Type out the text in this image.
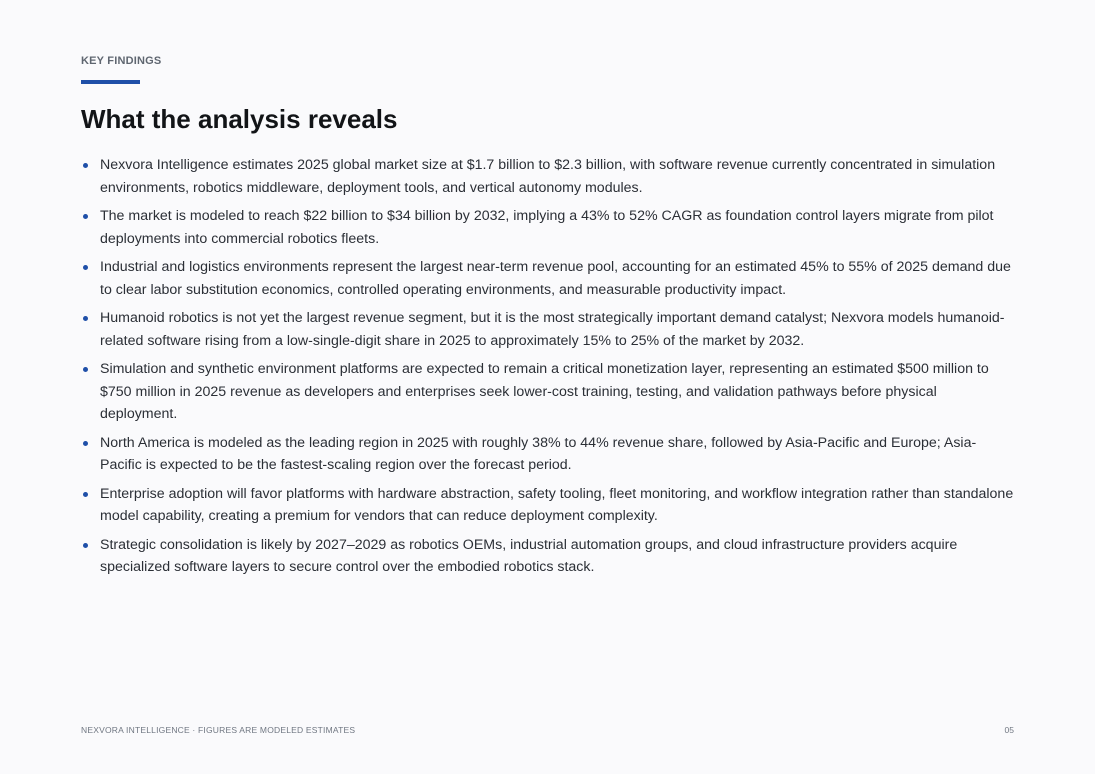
KEY FINDINGS
What the analysis reveals
Nexvora Intelligence estimates 2025 global market size at $1.7 billion to $2.3 billion, with software revenue currently concentrated in simulation environments, robotics middleware, deployment tools, and vertical autonomy modules.
The market is modeled to reach $22 billion to $34 billion by 2032, implying a 43% to 52% CAGR as foundation control layers migrate from pilot deployments into commercial robotics fleets.
Industrial and logistics environments represent the largest near-term revenue pool, accounting for an estimated 45% to 55% of 2025 demand due to clear labor substitution economics, controlled operating environments, and measurable productivity impact.
Humanoid robotics is not yet the largest revenue segment, but it is the most strategically important demand catalyst; Nexvora models humanoid-related software rising from a low-single-digit share in 2025 to approximately 15% to 25% of the market by 2032.
Simulation and synthetic environment platforms are expected to remain a critical monetization layer, representing an estimated $500 million to $750 million in 2025 revenue as developers and enterprises seek lower-cost training, testing, and validation pathways before physical deployment.
North America is modeled as the leading region in 2025 with roughly 38% to 44% revenue share, followed by Asia-Pacific and Europe; Asia-Pacific is expected to be the fastest-scaling region over the forecast period.
Enterprise adoption will favor platforms with hardware abstraction, safety tooling, fleet monitoring, and workflow integration rather than standalone model capability, creating a premium for vendors that can reduce deployment complexity.
Strategic consolidation is likely by 2027–2029 as robotics OEMs, industrial automation groups, and cloud infrastructure providers acquire specialized software layers to secure control over the embodied robotics stack.
NEXVORA INTELLIGENCE · FIGURES ARE MODELED ESTIMATES	05
